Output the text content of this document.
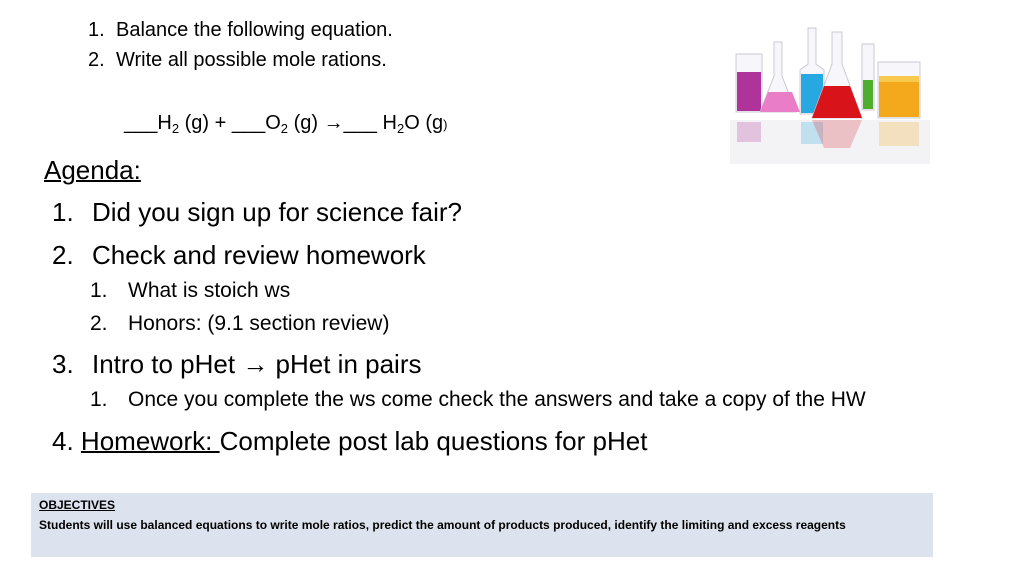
1. Balance the following equation.
2. Write all possible mole rations.
$\_\_\_H_2$ $(g) + \_\_\_O_2$ (g) →___ $H_2O$ (g)
Agenda:
1. Did you sign up for science fair?
2. Check and review homework
1. What is stoich ws
2. Honors: (9.1 section review)
3. Intro to pHet → pHet in pairs
1. Once you complete the ws come check the answers and take a copy of the HW
4. Homework: Complete post lab questions for pHet
OBJECTIVES
Students will use balanced equations to write mole ratios, predict the amount of products produced, identify the limiting and excess reagents
